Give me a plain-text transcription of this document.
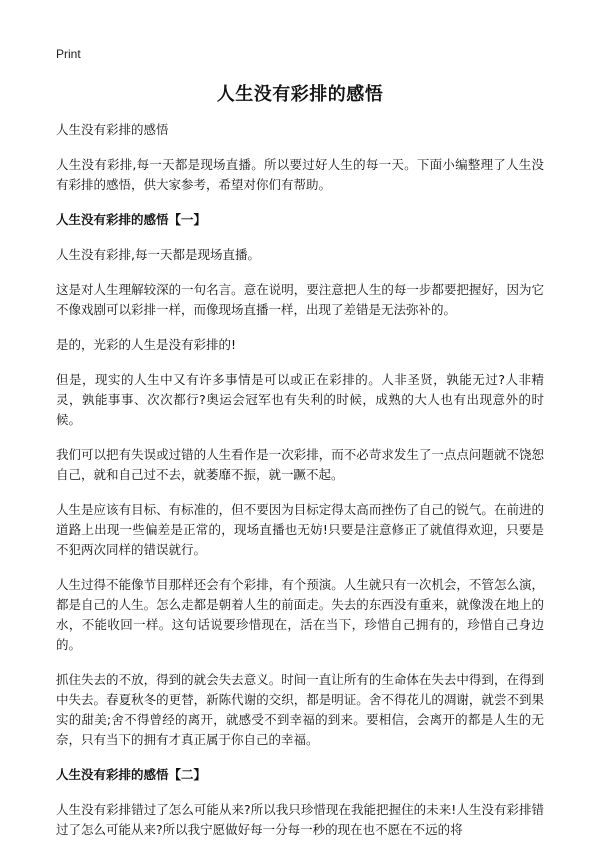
Print
人生没有彩排的感悟

人生没有彩排的感悟

人生没有彩排,每一天都是现场直播。所以要过好人生的每一天。下面小编整理了人生没有彩排的感悟，供大家参考，希望对你们有帮助。

人生没有彩排的感悟【一】

人生没有彩排,每一天都是现场直播。

这是对人生理解较深的一句名言。意在说明，要注意把人生的每一步都要把握好，因为它不像戏剧可以彩排一样，而像现场直播一样，出现了差错是无法弥补的。

是的，光彩的人生是没有彩排的!

但是，现实的人生中又有许多事情是可以或正在彩排的。人非圣贤，孰能无过?人非精灵，孰能事事、次次都行?奥运会冠军也有失利的时候，成熟的大人也有出现意外的时候。

我们可以把有失误或过错的人生看作是一次彩排，而不必苛求发生了一点点问题就不饶恕自己，就和自己过不去，就萎靡不振，就一蹶不起。

人生是应该有目标、有标准的，但不要因为目标定得太高而挫伤了自己的锐气。在前进的道路上出现一些偏差是正常的，现场直播也无妨!只要是注意修正了就值得欢迎，只要是不犯两次同样的错误就行。

人生过得不能像节目那样还会有个彩排，有个预演。人生就只有一次机会，不管怎么演，都是自己的人生。怎么走都是朝着人生的前面走。失去的东西没有重来，就像泼在地上的水，不能收回一样。这句话说要珍惜现在，活在当下，珍惜自己拥有的，珍惜自己身边的。

抓住失去的不放，得到的就会失去意义。时间一直让所有的生命体在失去中得到，在得到中失去。春夏秋冬的更替，新陈代谢的交织，都是明证。舍不得花儿的凋谢，就尝不到果实的甜美;舍不得曾经的离开，就感受不到幸福的到来。要相信，会离开的都是人生的无奈，只有当下的拥有才真正属于你自己的幸福。

人生没有彩排的感悟【二】

人生没有彩排错过了怎么可能从来?所以我只珍惜现在我能把握住的未来!人生没有彩排错过了怎么可能从来?所以我宁愿做好每一分每一秒的现在也不愿在不远的将
